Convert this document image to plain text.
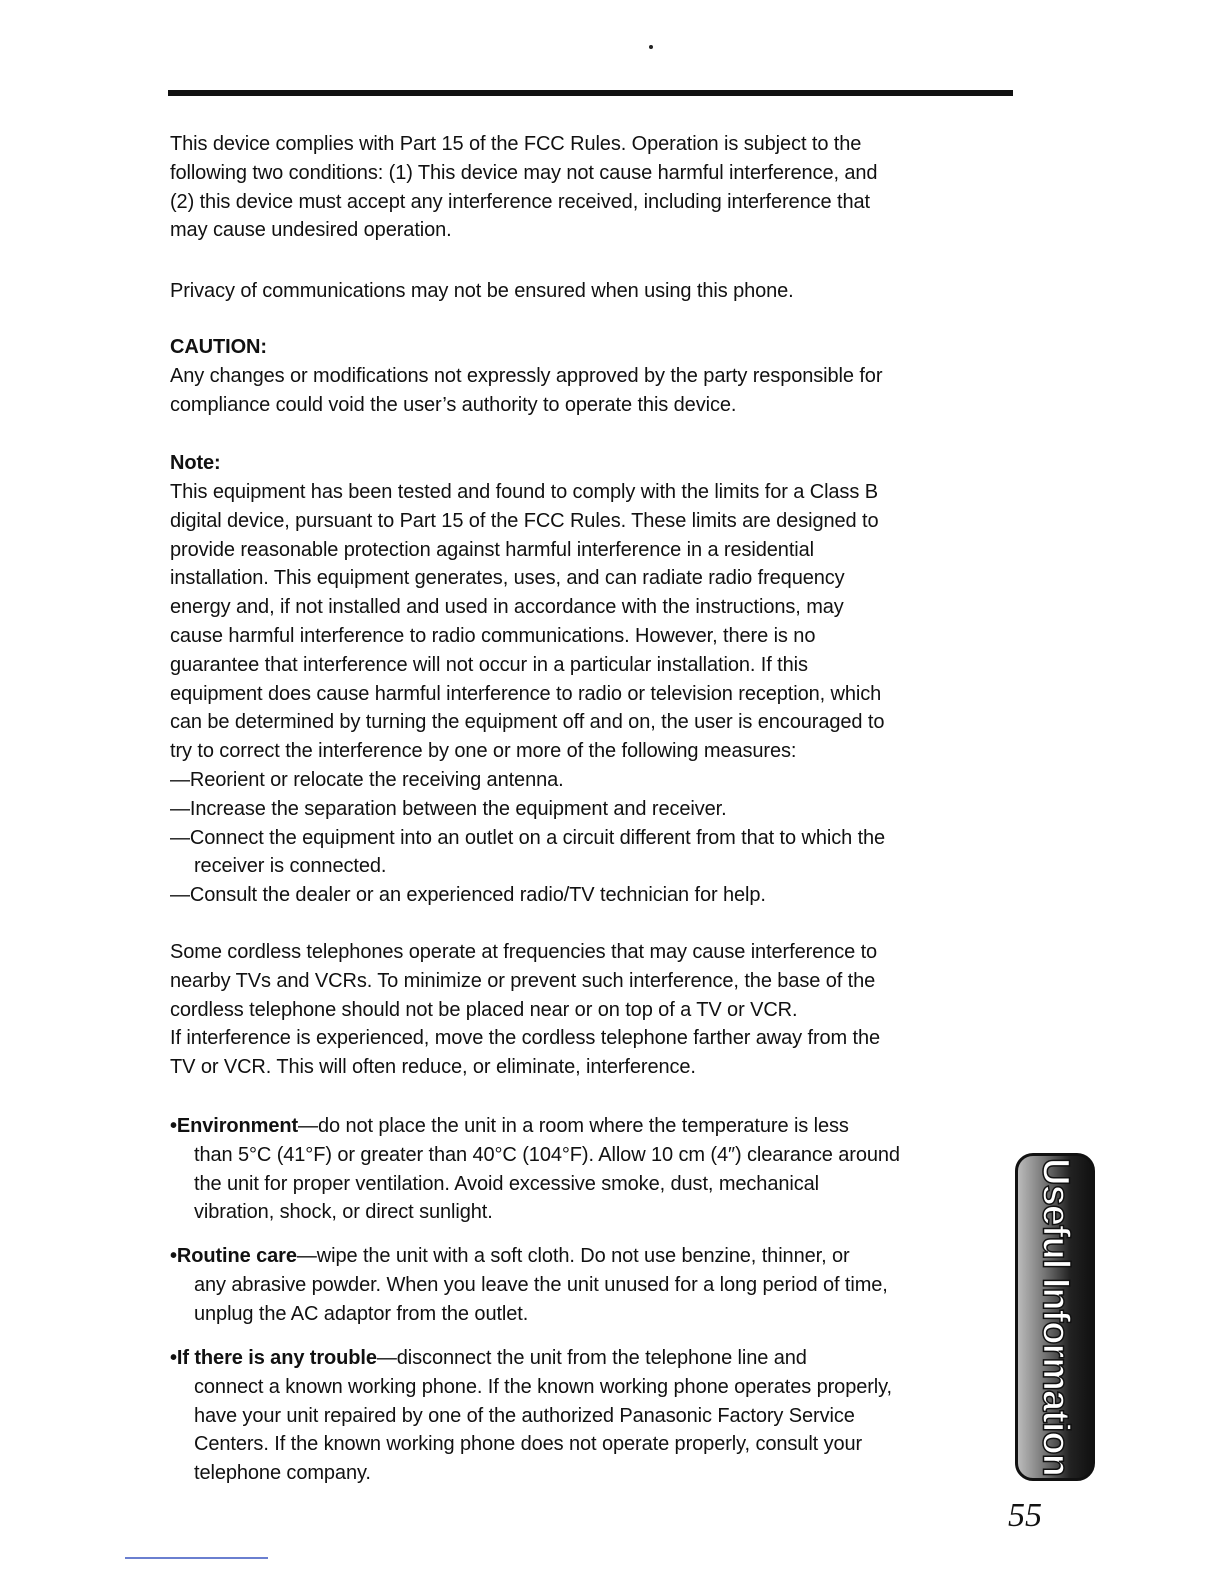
This device complies with Part 15 of the FCC Rules. Operation is subject to the
following two conditions: (1) This device may not cause harmful interference, and
(2) this device must accept any interference received, including interference that
may cause undesired operation.
Privacy of communications may not be ensured when using this phone.
CAUTION:
Any changes or modifications not expressly approved by the party responsible for
compliance could void the user’s authority to operate this device.
Note:
This equipment has been tested and found to comply with the limits for a Class B
digital device, pursuant to Part 15 of the FCC Rules. These limits are designed to
provide reasonable protection against harmful interference in a residential
installation. This equipment generates, uses, and can radiate radio frequency
energy and, if not installed and used in accordance with the instructions, may
cause harmful interference to radio communications. However, there is no
guarantee that interference will not occur in a particular installation. If this
equipment does cause harmful interference to radio or television reception, which
can be determined by turning the equipment off and on, the user is encouraged to
try to correct the interference by one or more of the following measures:
—Reorient or relocate the receiving antenna.
—Increase the separation between the equipment and receiver.
—Connect the equipment into an outlet on a circuit different from that to which the
receiver is connected.
—Consult the dealer or an experienced radio/TV technician for help.
Some cordless telephones operate at frequencies that may cause interference to
nearby TVs and VCRs. To minimize or prevent such interference, the base of the
cordless telephone should not be placed near or on top of a TV or VCR.
If interference is experienced, move the cordless telephone farther away from the
TV or VCR. This will often reduce, or eliminate, interference.
•Environment—do not place the unit in a room where the temperature is less
than 5°C (41°F) or greater than 40°C (104°F). Allow 10 cm (4″) clearance around
the unit for proper ventilation. Avoid excessive smoke, dust, mechanical
vibration, shock, or direct sunlight.
•Routine care—wipe the unit with a soft cloth. Do not use benzine, thinner, or
any abrasive powder. When you leave the unit unused for a long period of time,
unplug the AC adaptor from the outlet.
•If there is any trouble—disconnect the unit from the telephone line and
connect a known working phone. If the known working phone operates properly,
have your unit repaired by one of the authorized Panasonic Factory Service
Centers. If the known working phone does not operate properly, consult your
telephone company.	Useful Information
55
